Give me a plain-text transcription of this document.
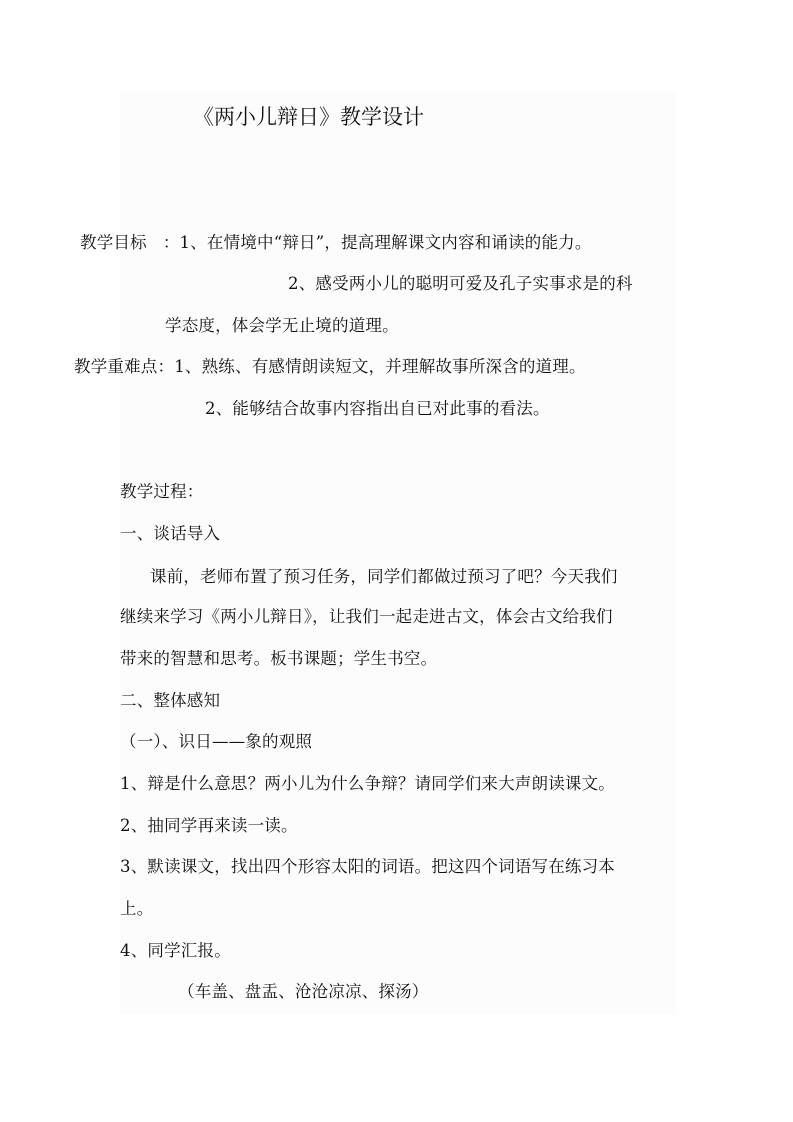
《两小儿辩日》教学设计
教学目标 ：1、在情境中“辩日”，提高理解课文内容和诵读的能力。
2、感受两小儿的聪明可爱及孔子实事求是的科
学态度，体会学无止境的道理。
教学重难点：1、熟练、有感情朗读短文，并理解故事所深含的道理。
2、能够结合故事内容指出自已对此事的看法。
教学过程：
一、谈话导入
课前，老师布置了预习任务，同学们都做过预习了吧？今天我们
继续来学习《两小儿辩日》，让我们一起走进古文，体会古文给我们
带来的智慧和思考。板书课题；学生书空。
二、整体感知
（一）、识日——象的观照
1、辩是什么意思？两小儿为什么争辩？请同学们来大声朗读课文。
2、抽同学再来读一读。
3、默读课文，找出四个形容太阳的词语。把这四个词语写在练习本
上。
4、同学汇报。
（车盖、盘盂、沧沧凉凉、探汤）
